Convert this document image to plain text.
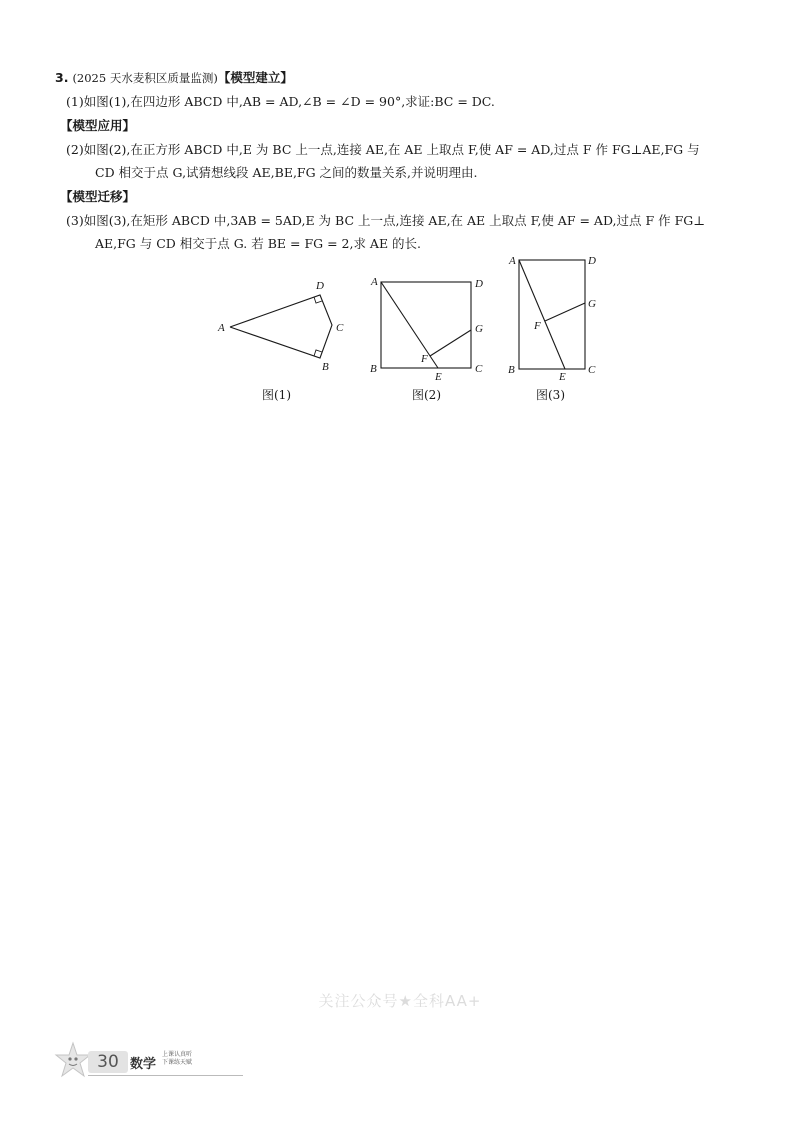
3. (2025 天水麦积区质量监测)【模型建立】
(1)如图(1),在四边形 ABCD 中,AB = AD,∠B = ∠D = 90°,求证:BC = DC.
【模型应用】
(2)如图(2),在正方形 ABCD 中,E 为 BC 上一点,连接 AE,在 AE 上取点 F,使 AF = AD,过点 F 作 FG⊥AE,FG 与
CD 相交于点 G,试猜想线段 AE,BE,FG 之间的数量关系,并说明理由.
【模型迁移】
(3)如图(3),在矩形 ABCD 中,3AB = 5AD,E 为 BC 上一点,连接 AE,在 AE 上取点 F,使 AF = AD,过点 F 作 FG⊥
AE,FG 与 CD 相交于点 G. 若 BE = FG = 2,求 AE 的长.
A
D
C
B
图(1)
A	D
G
F
B
E
C
图(2)
A	D
G
F
B
E
C
图(3)
关注公众号★全科AA+
30 数学
上课认真听
下课练天赋
